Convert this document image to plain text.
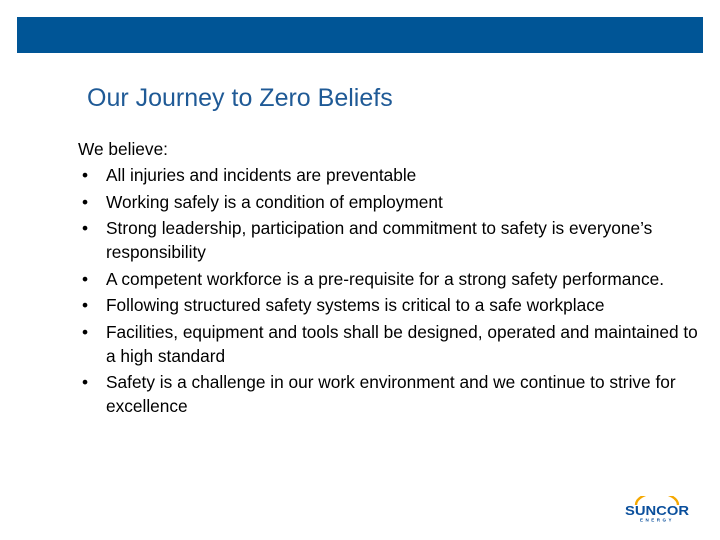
Our Journey to Zero Beliefs

We believe:

• All injuries and incidents are preventable
• Working safely is a condition of employment
• Strong leadership, participation and commitment to safety is everyone’s responsibility
• A competent workforce is a pre-requisite for a strong safety performance.
• Following structured safety systems is critical to a safe workplace
• Facilities, equipment and tools shall be designed, operated and maintained to a high standard
• Safety is a challenge in our work environment and we continue to strive for excellence
SUNCOR
ENERGY
